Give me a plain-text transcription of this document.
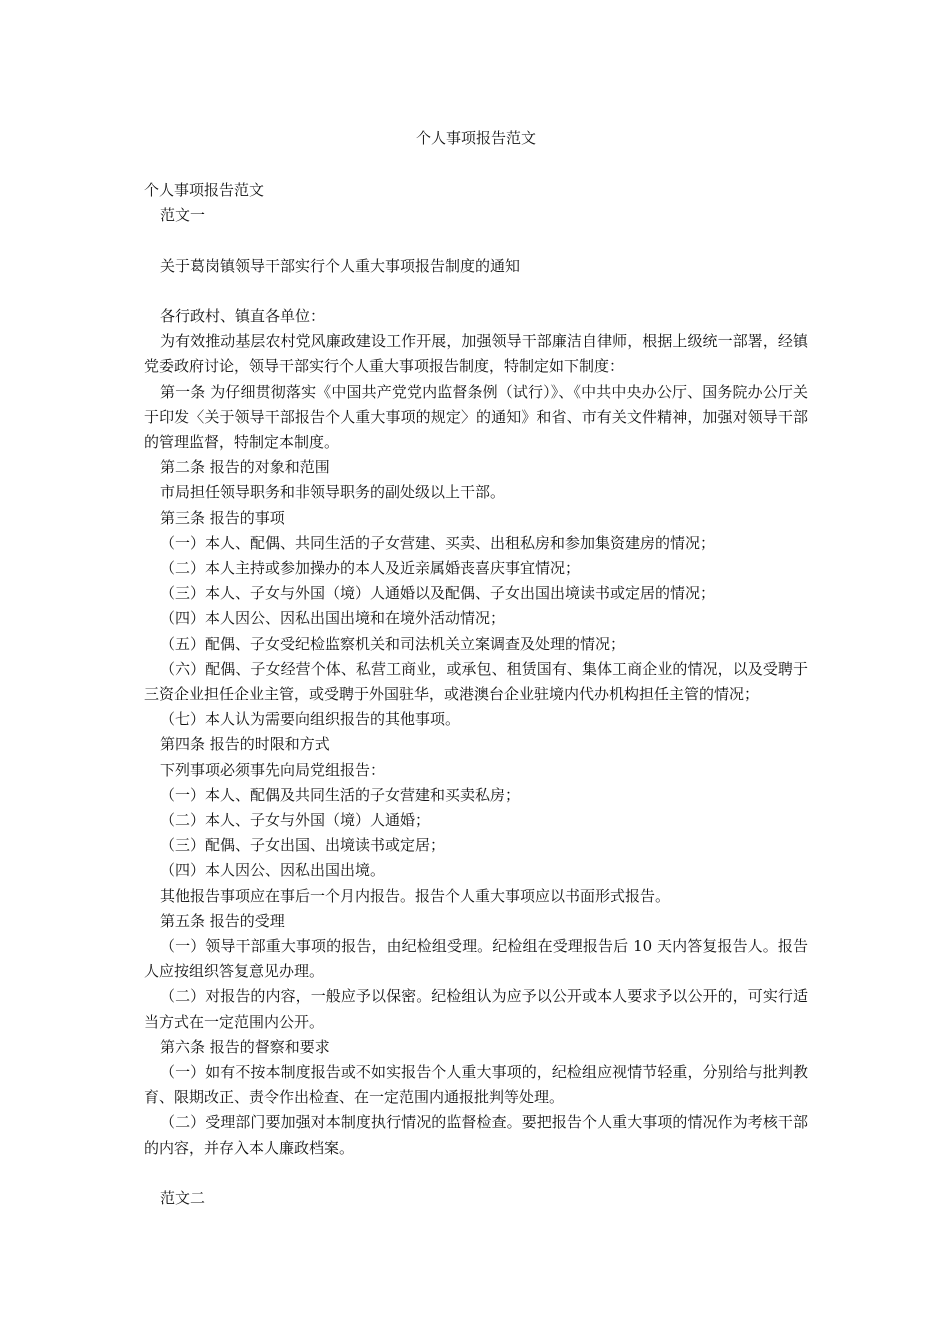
个人事项报告范文

个人事项报告范文

范文一

关于葛岗镇领导干部实行个人重大事项报告制度的通知

各行政村、镇直各单位：

为有效推动基层农村党风廉政建设工作开展，加强领导干部廉洁自律师，根据上级统一部署，经镇党委政府讨论，领导干部实行个人重大事项报告制度，特制定如下制度：

第一条 为仔细贯彻落实《中国共产党党内监督条例（试行）》、《中共中央办公厅、国务院办公厅关于印发〈关于领导干部报告个人重大事项的规定〉的通知》和省、市有关文件精神，加强对领导干部的管理监督，特制定本制度。

第二条 报告的对象和范围

市局担任领导职务和非领导职务的副处级以上干部。

第三条 报告的事项

（一）本人、配偶、共同生活的子女营建、买卖、出租私房和参加集资建房的情况；

（二）本人主持或参加操办的本人及近亲属婚丧喜庆事宜情况；

（三）本人、子女与外国（境）人通婚以及配偶、子女出国出境读书或定居的情况；

（四）本人因公、因私出国出境和在境外活动情况；

（五）配偶、子女受纪检监察机关和司法机关立案调查及处理的情况；

（六）配偶、子女经营个体、私营工商业，或承包、租赁国有、集体工商企业的情况，以及受聘于三资企业担任企业主管，或受聘于外国驻华，或港澳台企业驻境内代办机构担任主管的情况；

（七）本人认为需要向组织报告的其他事项。

第四条 报告的时限和方式

下列事项必须事先向局党组报告：

（一）本人、配偶及共同生活的子女营建和买卖私房；

（二）本人、子女与外国（境）人通婚；

（三）配偶、子女出国、出境读书或定居；

（四）本人因公、因私出国出境。

其他报告事项应在事后一个月内报告。报告个人重大事项应以书面形式报告。

第五条 报告的受理

（一）领导干部重大事项的报告，由纪检组受理。纪检组在受理报告后 10 天内答复报告人。报告人应按组织答复意见办理。

（二）对报告的内容，一般应予以保密。纪检组认为应予以公开或本人要求予以公开的，可实行适当方式在一定范围内公开。

第六条 报告的督察和要求

（一）如有不按本制度报告或不如实报告个人重大事项的，纪检组应视情节轻重，分别给与批判教育、限期改正、责令作出检查、在一定范围内通报批判等处理。

（二）受理部门要加强对本制度执行情况的监督检查。要把报告个人重大事项的情况作为考核干部的内容，并存入本人廉政档案。

范文二
